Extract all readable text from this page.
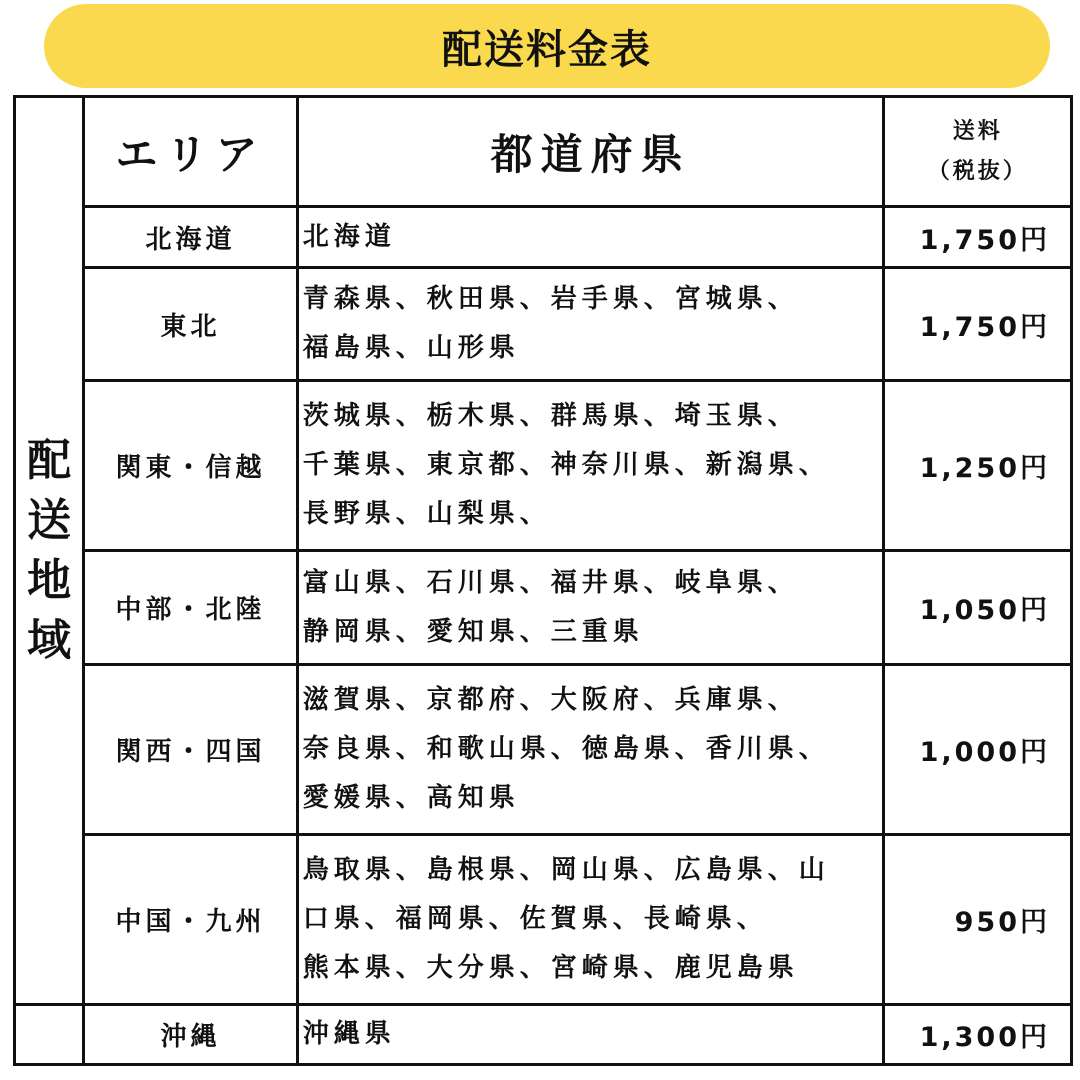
配送料金表
配
送
地
域	エリア	都道府県	送料
（税抜）

	北海道	北海道	1,750円
	東北	青森県、秋田県、岩手県、宮城県、
福島県、山形県	1,750円
	関東・信越	茨城県、栃木県、群馬県、埼玉県、
千葉県、東京都、神奈川県、新潟県、
長野県、山梨県、	1,250円
	中部・北陸	富山県、石川県、福井県、岐阜県、
静岡県、愛知県、三重県	1,050円
	関西・四国	滋賀県、京都府、大阪府、兵庫県、
奈良県、和歌山県、徳島県、香川県、
愛媛県、高知県	1,000円
	中国・九州	鳥取県、島根県、岡山県、広島県、山
口県、福岡県、佐賀県、長崎県、
熊本県、大分県、宮崎県、鹿児島県	950円
	沖縄	沖縄県	1,300円
